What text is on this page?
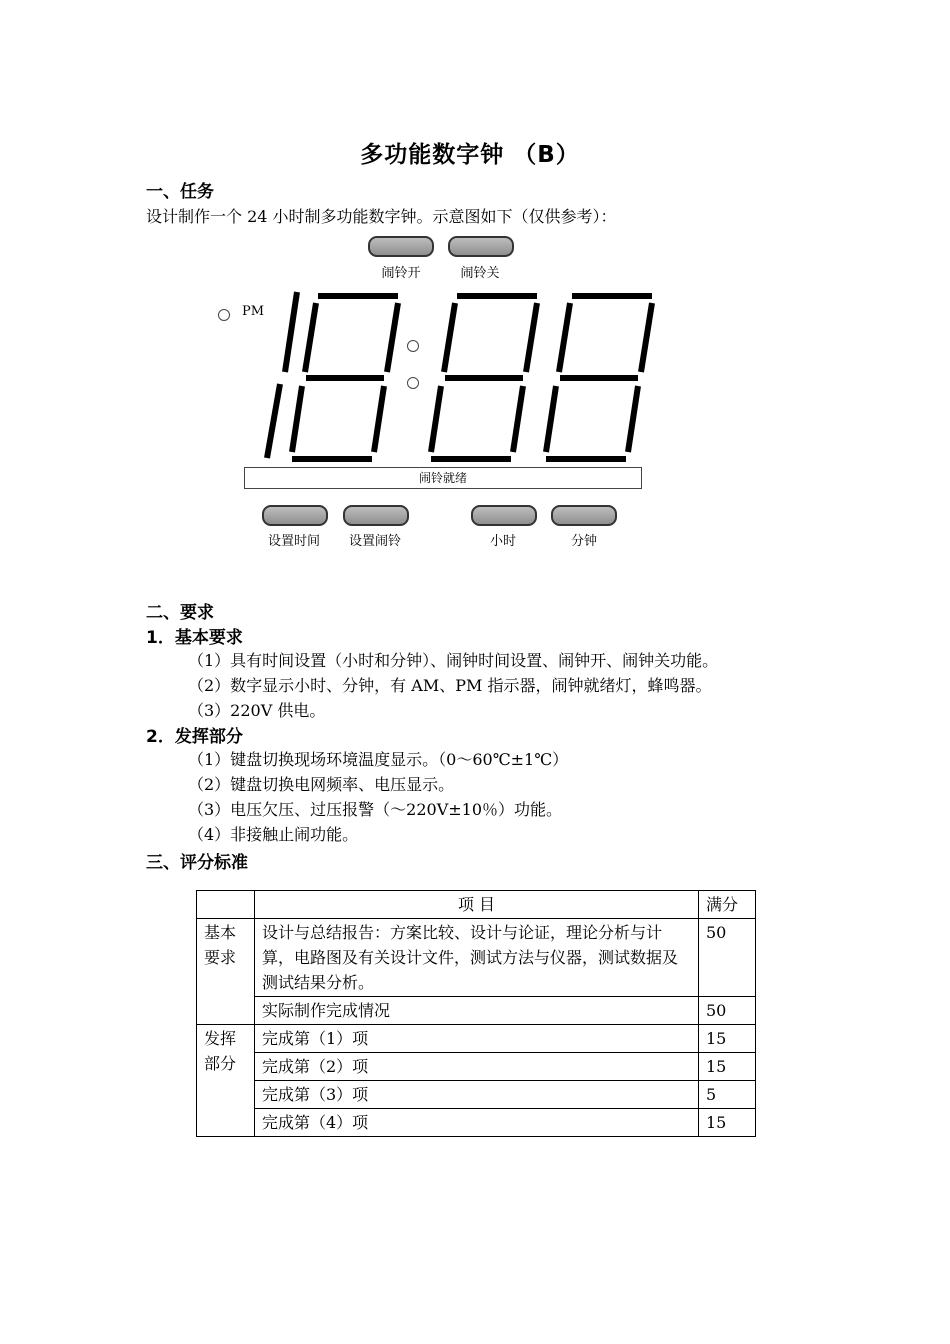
多功能数字钟 （B）
一、任务
设计制作一个 24 小时制多功能数字钟。示意图如下（仅供参考）：
闹铃开	闹铃关
PM
闹铃就绪
设置时间	设置闹铃	小时	分钟
二、要求
1．基本要求
（1）具有时间设置（小时和分钟）、闹钟时间设置、闹钟开、闹钟关功能。
（2）数字显示小时、分钟，有 AM、PM 指示器，闹钟就绪灯，蜂鸣器。
（3）220V 供电。
2．发挥部分
（1）键盘切换现场环境温度显示。（0～60℃±1℃）
（2）键盘切换电网频率、电压显示。
（3）电压欠压、过压报警（～220V±10％）功能。
（4）非接触止闹功能。
三、评分标准
	项 目	满分
基本要求	设计与总结报告：方案比较、设计与论证，理论分析与计算，电路图及有关设计文件，测试方法与仪器，测试数据及测试结果分析。	50
	实际制作完成情况	50
发挥部分	完成第（1）项	15
	完成第（2）项	15
	完成第（3）项	5
	完成第（4）项	15
